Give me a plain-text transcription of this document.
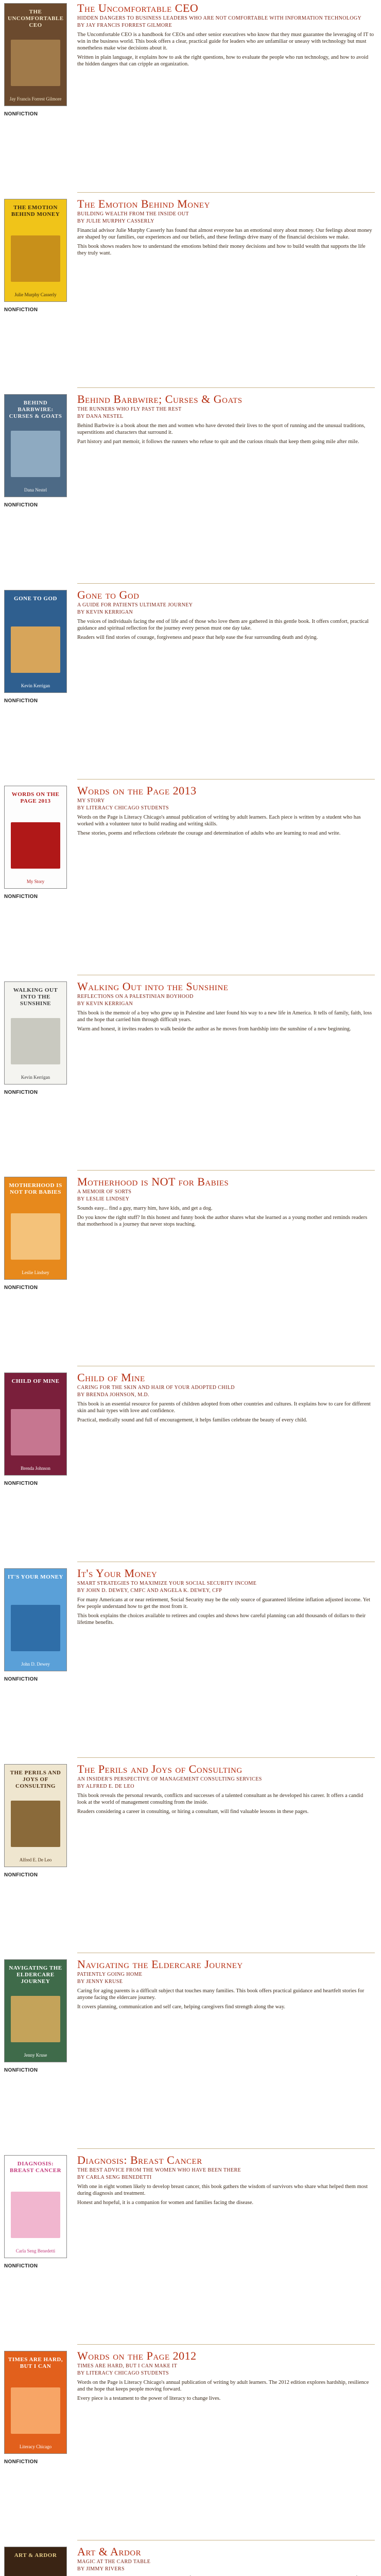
THE UNCOMFORTABLE CEO
Jay Francis Forrest Gilmore
NONFICTION
The Uncomfortable CEO
HIDDEN DANGERS TO BUSINESS LEADERS WHO ARE NOT COMFORTABLE WITH INFORMATION TECHNOLOGY
BY JAY FRANCIS FORREST GILMORE

The Uncomfortable CEO is a handbook for CEOs and other senior executives who know that they must guarantee the leveraging of IT to win in the business world. This book offers a clear, practical guide for leaders who are unfamiliar or uneasy with technology but must nonetheless make wise decisions about it.

Written in plain language, it explains how to ask the right questions, how to evaluate the people who run technology, and how to avoid the hidden dangers that can cripple an organization.

THE EMOTION BEHIND MONEY
Julie Murphy Casserly
NONFICTION
The Emotion Behind Money
BUILDING WEALTH FROM THE INSIDE OUT
BY JULIE MURPHY CASSERLY

Financial advisor Julie Murphy Casserly has found that almost everyone has an emotional story about money. Our feelings about money are shaped by our families, our experiences and our beliefs, and these feelings drive many of the financial decisions we make.

This book shows readers how to understand the emotions behind their money decisions and how to build wealth that supports the life they truly want.

BEHIND BARBWIRE: CURSES & GOATS
Dana Nestel
NONFICTION
Behind Barbwire; Curses & Goats
THE RUNNERS WHO FLY PAST THE REST
BY DANA NESTEL

Behind Barbwire is a book about the men and women who have devoted their lives to the sport of running and the unusual traditions, superstitions and characters that surround it.

Part history and part memoir, it follows the runners who refuse to quit and the curious rituals that keep them going mile after mile.

GONE TO GOD
Kevin Kerrigan
NONFICTION
Gone to God
A GUIDE FOR PATIENTS ULTIMATE JOURNEY
BY KEVIN KERRIGAN

The voices of individuals facing the end of life and of those who love them are gathered in this gentle book. It offers comfort, practical guidance and spiritual reflection for the journey every person must one day take.

Readers will find stories of courage, forgiveness and peace that help ease the fear surrounding death and dying.

WORDS ON THE PAGE 2013
My Story
NONFICTION
Words on the Page 2013
MY STORY
BY LITERACY CHICAGO STUDENTS

Words on the Page is Literacy Chicago's annual publication of writing by adult learners. Each piece is written by a student who has worked with a volunteer tutor to build reading and writing skills.

These stories, poems and reflections celebrate the courage and determination of adults who are learning to read and write.

WALKING OUT INTO THE SUNSHINE
Kevin Kerrigan
NONFICTION
Walking Out into the Sunshine
REFLECTIONS ON A PALESTINIAN BOYHOOD
BY KEVIN KERRIGAN

This book is the memoir of a boy who grew up in Palestine and later found his way to a new life in America. It tells of family, faith, loss and the hope that carried him through difficult years.

Warm and honest, it invites readers to walk beside the author as he moves from hardship into the sunshine of a new beginning.

MOTHERHOOD IS NOT FOR BABIES
Leslie Lindsey
NONFICTION
Motherhood is NOT for Babies
A MEMOIR OF SORTS
BY LESLIE LINDSEY

Sounds easy... find a guy, marry him, have kids, and get a dog.

Do you know the right stuff? In this honest and funny book the author shares what she learned as a young mother and reminds readers that motherhood is a journey that never stops teaching.

CHILD OF MINE
Brenda Johnson
NONFICTION
Child of Mine
CARING FOR THE SKIN AND HAIR OF YOUR ADOPTED CHILD
BY BRENDA JOHNSON, M.D.

This book is an essential resource for parents of children adopted from other countries and cultures. It explains how to care for different skin and hair types with love and confidence.

Practical, medically sound and full of encouragement, it helps families celebrate the beauty of every child.

IT'S YOUR MONEY
John D. Dewey
NONFICTION
It's Your Money
SMART STRATEGIES TO MAXIMIZE YOUR SOCIAL SECURITY INCOME
BY JOHN D. DEWEY, CMFC AND ANGELA K. DEWEY, CFP

For many Americans at or near retirement, Social Security may be the only source of guaranteed lifetime inflation adjusted income. Yet few people understand how to get the most from it.

This book explains the choices available to retirees and couples and shows how careful planning can add thousands of dollars to their lifetime benefits.

THE PERILS AND JOYS OF CONSULTING
Alfred E. De Leo
NONFICTION
The Perils and Joys of Consulting
AN INSIDER'S PERSPECTIVE OF MANAGEMENT CONSULTING SERVICES
BY ALFRED E. DE LEO

This book reveals the personal rewards, conflicts and successes of a talented consultant as he developed his career. It offers a candid look at the world of management consulting from the inside.

Readers considering a career in consulting, or hiring a consultant, will find valuable lessons in these pages.

NAVIGATING THE ELDERCARE JOURNEY
Jenny Kruse
NONFICTION
Navigating the Eldercare Journey
PATIENTLY GOING HOME
BY JENNY KRUSE

Caring for aging parents is a difficult subject that touches many families. This book offers practical guidance and heartfelt stories for anyone facing the eldercare journey.

It covers planning, communication and self care, helping caregivers find strength along the way.

DIAGNOSIS: BREAST CANCER
Carla Seng Benedetti
NONFICTION
Diagnosis: Breast Cancer
THE BEST ADVICE FROM THE WOMEN WHO HAVE BEEN THERE
BY CARLA SENG BENEDETTI

With one in eight women likely to develop breast cancer, this book gathers the wisdom of survivors who share what helped them most during diagnosis and treatment.

Honest and hopeful, it is a companion for women and families facing the disease.

TIMES ARE HARD, BUT I CAN
Literacy Chicago
NONFICTION
Words on the Page 2012
TIMES ARE HARD, BUT I CAN MAKE IT
BY LITERACY CHICAGO STUDENTS

Words on the Page is Literacy Chicago's annual publication of writing by adult learners. The 2012 edition explores hardship, resilience and the hope that keeps people moving forward.

Every piece is a testament to the power of literacy to change lives.

ART & ARDOR	Art & Ardor
MAGIC AT THE CARD TABLE
BY JIMMY RIVERS
